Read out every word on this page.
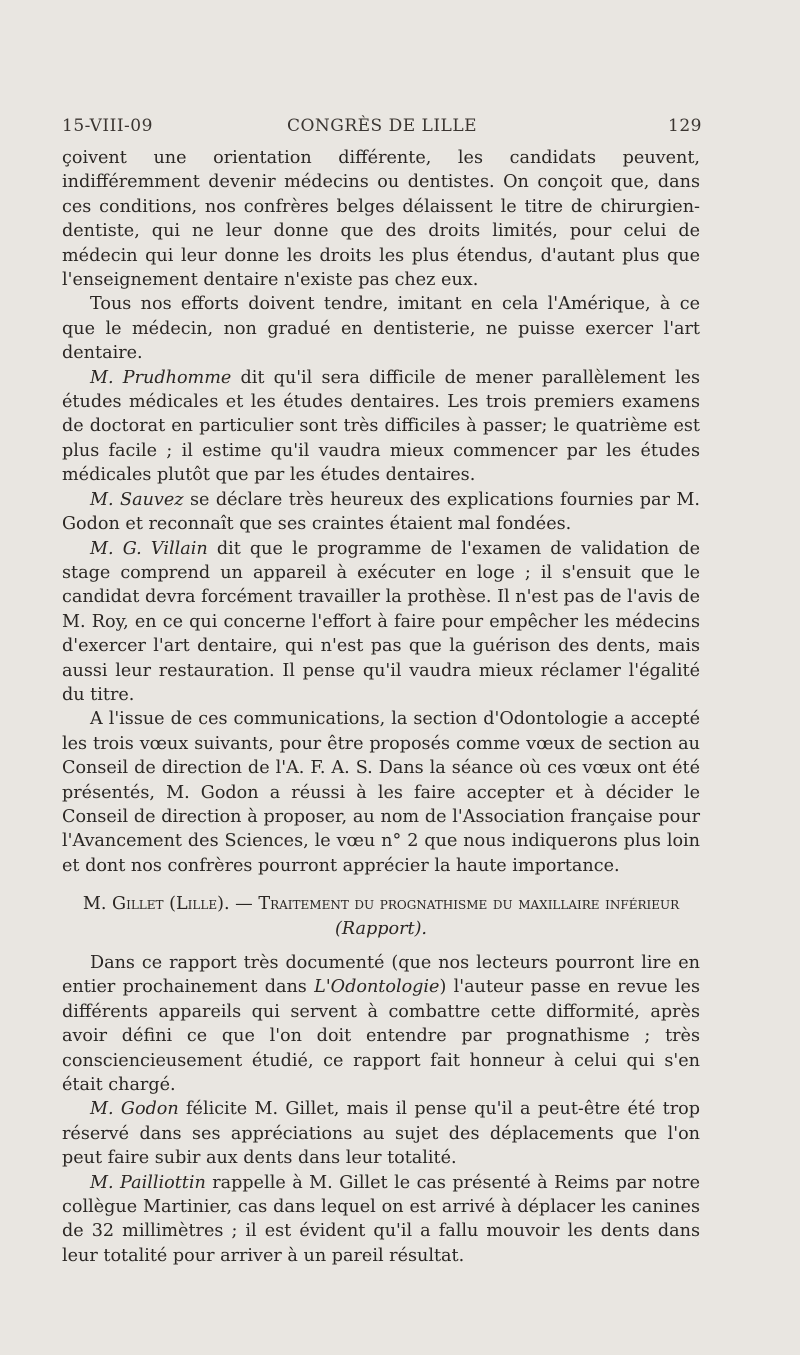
15-VIII-09	CONGRÈS DE LILLE	129

çoivent une orientation différente, les candidats peuvent, indifféremment devenir médecins ou dentistes. On conçoit que, dans ces conditions, nos confrères belges délaissent le titre de chirurgien-dentiste, qui ne leur donne que des droits limités, pour celui de médecin qui leur donne les droits les plus étendus, d'autant plus que l'enseignement dentaire n'existe pas chez eux.

Tous nos efforts doivent tendre, imitant en cela l'Amérique, à ce que le médecin, non gradué en dentisterie, ne puisse exercer l'art dentaire.

M. Prudhomme dit qu'il sera difficile de mener parallèlement les études médicales et les études dentaires. Les trois premiers examens de doctorat en particulier sont très difficiles à passer; le quatrième est plus facile ; il estime qu'il vaudra mieux commencer par les études médicales plutôt que par les études dentaires.

M. Sauvez se déclare très heureux des explications fournies par M. Godon et reconnaît que ses craintes étaient mal fondées.

M. G. Villain dit que le programme de l'examen de validation de stage comprend un appareil à exécuter en loge ; il s'ensuit que le candidat devra forcément travailler la prothèse. Il n'est pas de l'avis de M. Roy, en ce qui concerne l'effort à faire pour empêcher les médecins d'exercer l'art dentaire, qui n'est pas que la guérison des dents, mais aussi leur restauration. Il pense qu'il vaudra mieux réclamer l'égalité du titre.

A l'issue de ces communications, la section d'Odontologie a accepté les trois vœux suivants, pour être proposés comme vœux de section au Conseil de direction de l'A. F. A. S. Dans la séance où ces vœux ont été présentés, M. Godon a réussi à les faire accepter et à décider le Conseil de direction à proposer, au nom de l'Association française pour l'Avancement des Sciences, le vœu n° 2 que nous indiquerons plus loin et dont nos confrères pourront apprécier la haute importance.

M. Gillet (Lille). — Traitement du prognathisme du maxillaire inférieur (Rapport).

Dans ce rapport très documenté (que nos lecteurs pourront lire en entier prochainement dans L'Odontologie) l'auteur passe en revue les différents appareils qui servent à combattre cette difformité, après avoir défini ce que l'on doit entendre par prognathisme ; très consciencieusement étudié, ce rapport fait honneur à celui qui s'en était chargé.

M. Godon félicite M. Gillet, mais il pense qu'il a peut-être été trop réservé dans ses appréciations au sujet des déplacements que l'on peut faire subir aux dents dans leur totalité.

M. Pailliottin rappelle à M. Gillet le cas présenté à Reims par notre collègue Martinier, cas dans lequel on est arrivé à déplacer les canines de 32 millimètres ; il est évident qu'il a fallu mouvoir les dents dans leur totalité pour arriver à un pareil résultat.
